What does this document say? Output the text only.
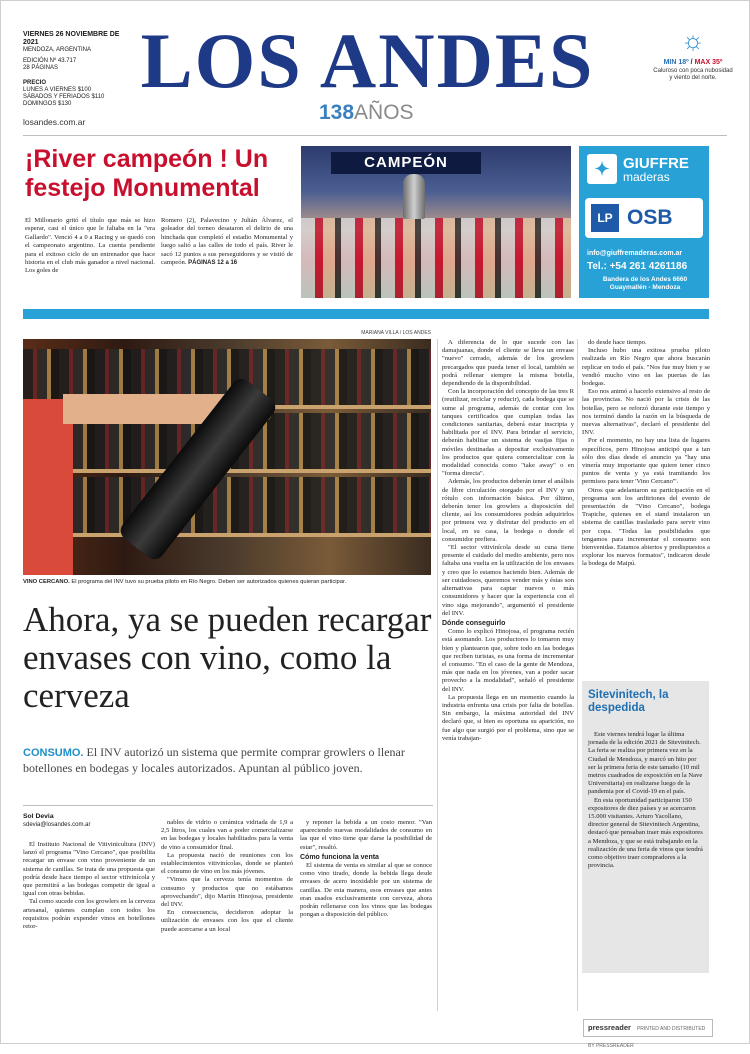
VIERNES 26 NOVIEMBRE DE 2021
MENDOZA, ARGENTINA
EDICIÓN Nº 43.717
28 PÁGINAS
PRECIO
LUNES A VIERNES $100
SÁBADOS Y FERIADOS $110
DOMINGOS $130
losandes.com.ar
LOS ANDES
138AÑOS
☼
MIN 18º / MAX 35º
Caluroso con poca nubosidad y viento del norte.
¡River campeón ! Un festejo Monumental
El Millonario gritó el título que más se hizo esperar, casi el único que le faltaba en la "era Gallardo". Venció 4 a 0 a Racing y se quedó con el campeonato argentino. La cuenta pendiente para el exitoso ciclo de un entrenador que hace historia en el club más ganador a nivel nacional. Los goles de
Romero (2), Palavecino y Julián Álvarez, el goleador del torneo desataron el delirio de una hinchada que completó el estadio Monumental y luego saltó a las calles de todo el país. River le sacó 12 puntos a sus perseguidores y se vistió de campeón. PÁGINAS 12 a 16
CAMPEÓN	✦ GIUFFRE
maderas
LP OSB
info@giuffremaderas.com.ar
Tel.: +54 261 4261186
Bandera de los Andes 6660 Guaymallén - Mendoza
MARIANA VILLA / LOS ANDES
VINO CERCANO. El programa del INV tuvo su prueba piloto en Río Negro. Deben ser autorizados quienes quieran participar.
Ahora, ya se pueden recargar envases con vino, como la cerveza
CONSUMO. El INV autorizó un sistema que permite comprar growlers o llenar botellones en bodegas y locales autorizados. Apuntan al público joven.
Sol Devia
sdevia@losandes.com.ar

El Instituto Nacional de Vitivinicultura (INV) lanzó el programa "Vino Cercano", que posibilita recargar un envase con vino proveniente de un sistema de canillas. Se trata de una propuesta que podría desde hace tiempo el sector vitivinícola y que permitirá a las bodegas competir de igual a igual con otras bebidas.

Tal como sucede con los growlers en la cerveza artesanal, quienes cumplan con todos los requisitos podrán expender vinos en botellones retor-

nables de vidrio o cerámica vidriada de 1,9 a 2,5 litros, los cuales van a poder comercializarse en las bodegas y locales habilitados para la venta de vino a consumidor final.

La propuesta nació de reuniones con los establecimientos vitivinícolas, donde se planteó el consumo de vino en los más jóvenes.

"Vimos que la cerveza tenía momentos de consumo y productos que no estábamos aprovechando", dijo Martín Hinojosa, presidente del INV.

En consecuencia, decidieron adoptar la utilización de envases con los que el cliente puede acercarse a un local

y reponer la bebida a un costo menor. "Van apareciendo nuevas modalidades de consumo en las que el vino tiene que darse la posibilidad de estar", resaltó.

Cómo funciona la venta

El sistema de venta es similar al que se conoce como vino tirado, donde la bebida llega desde envases de acero inoxidable por un sistema de canillas. De esta manera, esos envases que antes eran usados exclusivamente con cerveza, ahora podrán rellenarse con los vinos que las bodegas pongan a disposición del público.

A diferencia de lo que sucede con las damajuanas, donde el cliente se lleva un envase "nuevo" cerrado, además de los growlers precargados que pueda tener el local, también se podrá rellenar siempre la misma botella, dependiendo de la disponibilidad.

Con la incorporación del concepto de las tres R (reutilizar, reciclar y reducir), cada bodega que se sume al programa, además de contar con los tanques certificados que cumplan todas las condiciones sanitarias, deberá estar inscripta y habilitada por el INV. Para brindar el servicio, deberán habilitar un sistema de vasijas fijas o móviles destinadas a depositar exclusivamente los productos que quiera comercializar con la modalidad conocida como "take away" o en "forma directa".

Además, los productos deberán tener el análisis de libre circulación otorgado por el INV y un rótulo con información básica. Por último, deberán tener los growlers a disposición del cliente, así los consumidores podrán adquirirlos por primera vez y disfrutar del producto en el local, en su casa, la bodega o donde el consumidor prefiera.

"El sector vitivinícola desde su cuna tiene presente el cuidado del medio ambiente, pero nos faltaba una vuelta en la utilización de los envases y creo que lo estamos haciendo bien. Además de ser cuidadosos, queremos vender más y éstas son alternativas para captar nuevos o más consumidores y hacer que la experiencia con el vino siga mejorando", argumentó el presidente del INV.

Dónde conseguirlo

Como lo explicó Hinojosa, el programa recién está asomando. Los productores lo tomaron muy bien y plantearon que, sobre todo en las bodegas que reciben turistas, es una forma de incrementar el consumo. "En el caso de la gente de Mendoza, más que nada en los jóvenes, van a poder sacar provecho a la modalidad", señaló el presidente del INV.

La propuesta llega en un momento cuando la industria enfrenta una crisis por falta de botellas. Sin embargo, la máxima autoridad del INV declaró que, si bien es oportuna su aparición, no fue algo que surgió por el problema, sino que se venía trabajan-

do desde hace tiempo.

Incluso hubo una exitosa prueba piloto realizada en Río Negro que ahora buscarán replicar en todo el país. "Nos fue muy bien y se vendió mucho vino en las puertas de las bodegas.

Eso nos animó a hacerlo extensivo al resto de las provincias. No nació por la crisis de las botellas, pero se reforzó durante este tiempo y nos terminó dando la razón en la búsqueda de nuevas alternativas", declaró el presidente del INV.

Por el momento, no hay una lista de lugares específicos, pero Hinojosa anticipó que a tan sólo dos días desde el anuncio ya "hay una vinería muy importante que quiere tener cinco puntos de venta y ya está tramitando los permisos para tener 'Vino Cercano'".

Otros que adelantaron su participación en el programa son los anfitriones del evento de presentación de "Vino Cercano", bodega Trapiche, quienes en el stand instalaron un sistema de canillas trasladado para servir vino por copa. "Todas las posibilidades que tengamos para incrementar el consumo son bienvenidas. Estamos abiertos y predispuestos a explorar los nuevos formatos", indicaron desde la bodega de Maipú.

Sitevinitech, la despedida

Este viernes tendrá lugar la última jornada de la edición 2021 de Sitevinitech. La feria se realiza por primera vez en la Ciudad de Mendoza, y marcó un hito por ser la primera feria de este tamaño (10 mil metros cuadrados de exposición en la Nave Universitaria) en realizarse luego de la pandemia por el Covid-19 en el país.

En esta oportunidad participaron 150 expositores de diez países y se acercaron 15.000 visitantes. Arturo Yacollano, director general de Sitevinitech Argentina, destacó que pensaban traer más expositores a Mendoza, y que se está trabajando en la realización de una feria de vinos que tendrá como objetivo traer compradores a la provincia.

pressreader PRINTED AND DISTRIBUTED BY PRESSREADER
